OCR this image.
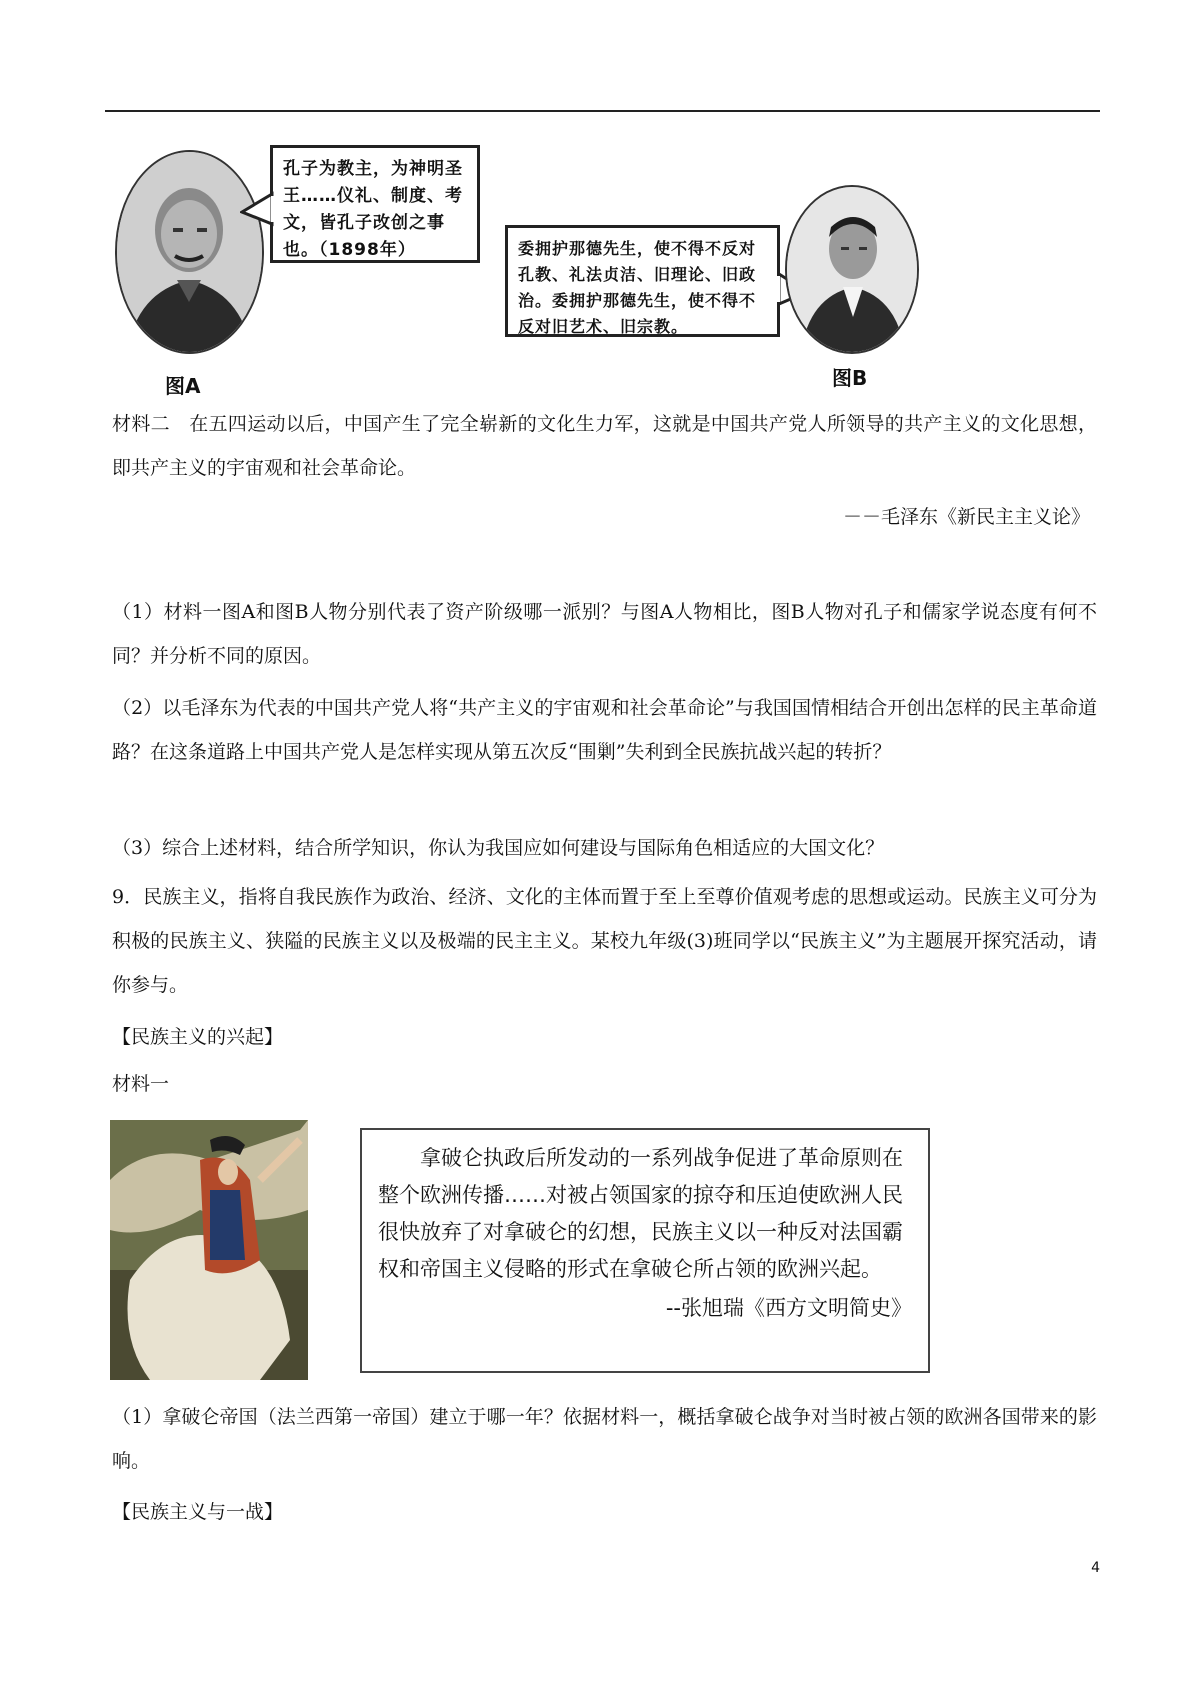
孔子为教主，为神明圣王……仪礼、制度、考文，皆孔子改创之事也。（1898年）
图A
委拥护那德先生，使不得不反对孔教、礼法贞洁、旧理论、旧政治。委拥护那德先生，使不得不反对旧艺术、旧宗教。
图B
材料二　在五四运动以后，中国产生了完全崭新的文化生力军，这就是中国共产党人所领导的共产主义的文化思想，即共产主义的宇宙观和社会革命论。
－－毛泽东《新民主主义论》
（1）材料一图A和图B人物分别代表了资产阶级哪一派别？与图A人物相比，图B人物对孔子和儒家学说态度有何不同？并分析不同的原因。
（2）以毛泽东为代表的中国共产党人将“共产主义的宇宙观和社会革命论”与我国国情相结合开创出怎样的民主革命道路？在这条道路上中国共产党人是怎样实现从第五次反“围剿”失利到全民族抗战兴起的转折？
（3）综合上述材料，结合所学知识，你认为我国应如何建设与国际角色相适应的大国文化？
9．民族主义，指将自我民族作为政治、经济、文化的主体而置于至上至尊价值观考虑的思想或运动。民族主义可分为积极的民族主义、狭隘的民族主义以及极端的民主主义。某校九年级(3)班同学以“民族主义”为主题展开探究活动，请你参与。
【民族主义的兴起】
材料一
拿破仑执政后所发动的一系列战争促进了革命原则在整个欧洲传播……对被占领国家的掠夺和压迫使欧洲人民很快放弃了对拿破仑的幻想，民族主义以一种反对法国霸权和帝国主义侵略的形式在拿破仑所占领的欧洲兴起。
--张旭瑞《西方文明简史》
（1）拿破仑帝国（法兰西第一帝国）建立于哪一年？依据材料一，概括拿破仑战争对当时被占领的欧洲各国带来的影响。
【民族主义与一战】
4
